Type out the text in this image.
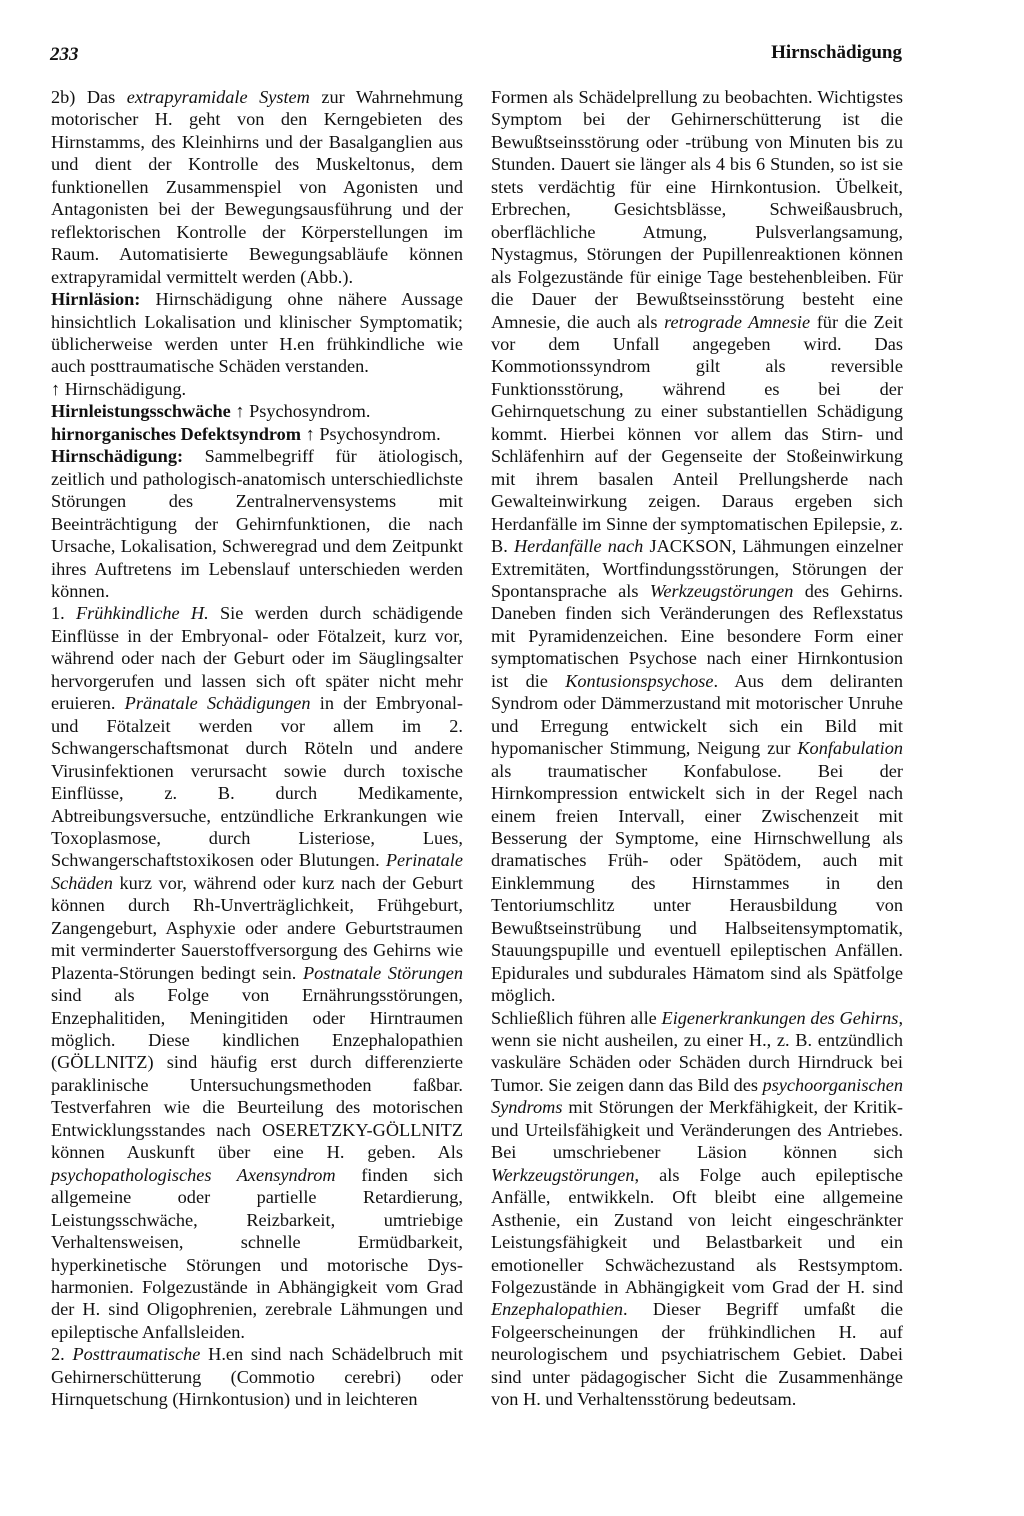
233	Hirnschädigung

2b) Das extrapyramidale System zur Wahrnehmung motorischer H. geht von den Kerngebieten des Hirnstamms, des Kleinhirns und der Basalganglien aus und dient der Kontrolle des Muskeltonus, dem funktionellen Zusammenspiel von Agonisten und Antagonisten bei der Bewegungsausführung und der reflektorischen Kontrolle der Körperstellungen im Raum. Automatisierte Bewegungsabläufe können extrapyramidal vermittelt werden (Abb.).

Hirnläsion: Hirnschädigung ohne nähere Aussage hinsichtlich Lokalisation und klinischer Symptomatik; üblicherweise werden unter H.en frühkindliche wie auch posttraumatische Schäden verstanden.

↑ Hirnschädigung.

Hirnleistungsschwäche ↑ Psychosyndrom.

hirnorganisches Defektsyndrom ↑ Psychosyndrom.

Hirnschädigung: Sammelbegriff für ätiologisch, zeitlich und pathologisch-anatomisch unterschiedlichste Störungen des Zentralnervensystems mit Beeinträchtigung der Gehirnfunktionen, die nach Ursache, Lokalisation, Schweregrad und dem Zeitpunkt ihres Auftretens im Lebenslauf unterschieden werden können.

1. Frühkindliche H. Sie werden durch schädigende Einflüsse in der Embryonal- oder Fötalzeit, kurz vor, während oder nach der Geburt oder im Säuglingsalter hervorgerufen und lassen sich oft später nicht mehr eruieren. Pränatale Schädigungen in der Embryonal- und Fötalzeit werden vor allem im 2. Schwangerschaftsmonat durch Röteln und andere Virusinfektionen verursacht sowie durch toxische Einflüsse, z. B. durch Medikamente, Abtreibungsversuche, entzündliche Erkrankungen wie Toxoplasmose, durch Listeriose, Lues, Schwangerschaftstoxikosen oder Blutungen. Perinatale Schäden kurz vor, während oder kurz nach der Geburt können durch Rh-Unverträglichkeit, Frühgeburt, Zangengeburt, Asphyxie oder andere Geburtstraumen mit verminderter Sauerstoffversorgung des Gehirns wie Plazenta-Störungen bedingt sein. Postnatale Störungen sind als Folge von Ernährungsstörungen, Enzephalitiden, Meningitiden oder Hirntraumen möglich. Diese kindlichen Enzephalopathien (GÖLLNITZ) sind häufig erst durch differenzierte paraklinische Untersuchungsmethoden faßbar. Testverfahren wie die Beurteilung des motorischen Entwicklungsstandes nach OSERETZKY-GÖLLNITZ können Auskunft über eine H. geben. Als psychopathologisches Axensyndrom finden sich allgemeine oder partielle Retardierung, Leistungsschwäche, Reizbarkeit, umtriebige Verhaltensweisen, schnelle Ermüdbarkeit, hyperkinetische Störungen und motorische Dysharmonien. Folgezustände in Abhängigkeit vom Grad der H. sind Oligophrenien, zerebrale Lähmungen und epileptische Anfallsleiden.

2. Posttraumatische H.en sind nach Schädelbruch mit Gehirnerschütterung (Commotio cerebri) oder Hirnquetschung (Hirnkontusion) und in leichteren

Formen als Schädelprellung zu beobachten. Wichtigstes Symptom bei der Gehirnerschütterung ist die Bewußtseinsstörung oder -trübung von Minuten bis zu Stunden. Dauert sie länger als 4 bis 6 Stunden, so ist sie stets verdächtig für eine Hirnkontusion. Übelkeit, Erbrechen, Gesichtsblässe, Schweißausbruch, oberflächliche Atmung, Pulsverlangsamung, Nystagmus, Störungen der Pupillenreaktionen können als Folgezustände für einige Tage bestehenbleiben. Für die Dauer der Bewußtseinsstörung besteht eine Amnesie, die auch als retrograde Amnesie für die Zeit vor dem Unfall angegeben wird. Das Kommotionssyndrom gilt als reversible Funktionsstörung, während es bei der Gehirnquetschung zu einer substantiellen Schädigung kommt. Hierbei können vor allem das Stirn- und Schläfenhirn auf der Gegenseite der Stoßeinwirkung mit ihrem basalen Anteil Prellungsherde nach Gewalteinwirkung zeigen. Daraus ergeben sich Herdanfälle im Sinne der symptomatischen Epilepsie, z. B. Herdanfälle nach JACKSON, Lähmungen einzelner Extremitäten, Wortfindungsstörungen, Störungen der Spontansprache als Werkzeugstörungen des Gehirns. Daneben finden sich Veränderungen des Reflexstatus mit Pyramidenzeichen. Eine besondere Form einer symptomatischen Psychose nach einer Hirnkontusion ist die Kontusionspsychose. Aus dem deliranten Syndrom oder Dämmerzustand mit motorischer Unruhe und Erregung entwickelt sich ein Bild mit hypomanischer Stimmung, Neigung zur Konfabulation als traumatischer Konfabulose. Bei der Hirnkompression entwickelt sich in der Regel nach einem freien Intervall, einer Zwischenzeit mit Besserung der Symptome, eine Hirnschwellung als dramatisches Früh- oder Spätödem, auch mit Einklemmung des Hirnstammes in den Tentoriumschlitz unter Herausbildung von Bewußtseinstrübung und Halbseitensymptomatik, Stauungspupille und eventuell epileptischen Anfällen. Epidurales und subdurales Hämatom sind als Spätfolge möglich.

Schließlich führen alle Eigenerkrankungen des Gehirns, wenn sie nicht ausheilen, zu einer H., z. B. entzündlich vaskuläre Schäden oder Schäden durch Hirndruck bei Tumor. Sie zeigen dann das Bild des psychoorganischen Syndroms mit Störungen der Merkfähigkeit, der Kritik- und Urteilsfähigkeit und Veränderungen des Antriebes. Bei umschriebener Läsion können sich Werkzeugstörungen, als Folge auch epileptische Anfälle, entwikkeln. Oft bleibt eine allgemeine Asthenie, ein Zustand von leicht eingeschränkter Leistungsfähigkeit und Belastbarkeit und ein emotioneller Schwächezustand als Restsymptom. Folgezustände in Abhängigkeit vom Grad der H. sind Enzephalopathien. Dieser Begriff umfaßt die Folgeerscheinungen der frühkindlichen H. auf neurologischem und psychiatrischem Gebiet. Dabei sind unter pädagogischer Sicht die Zusammenhänge von H. und Verhaltensstörung bedeutsam.
